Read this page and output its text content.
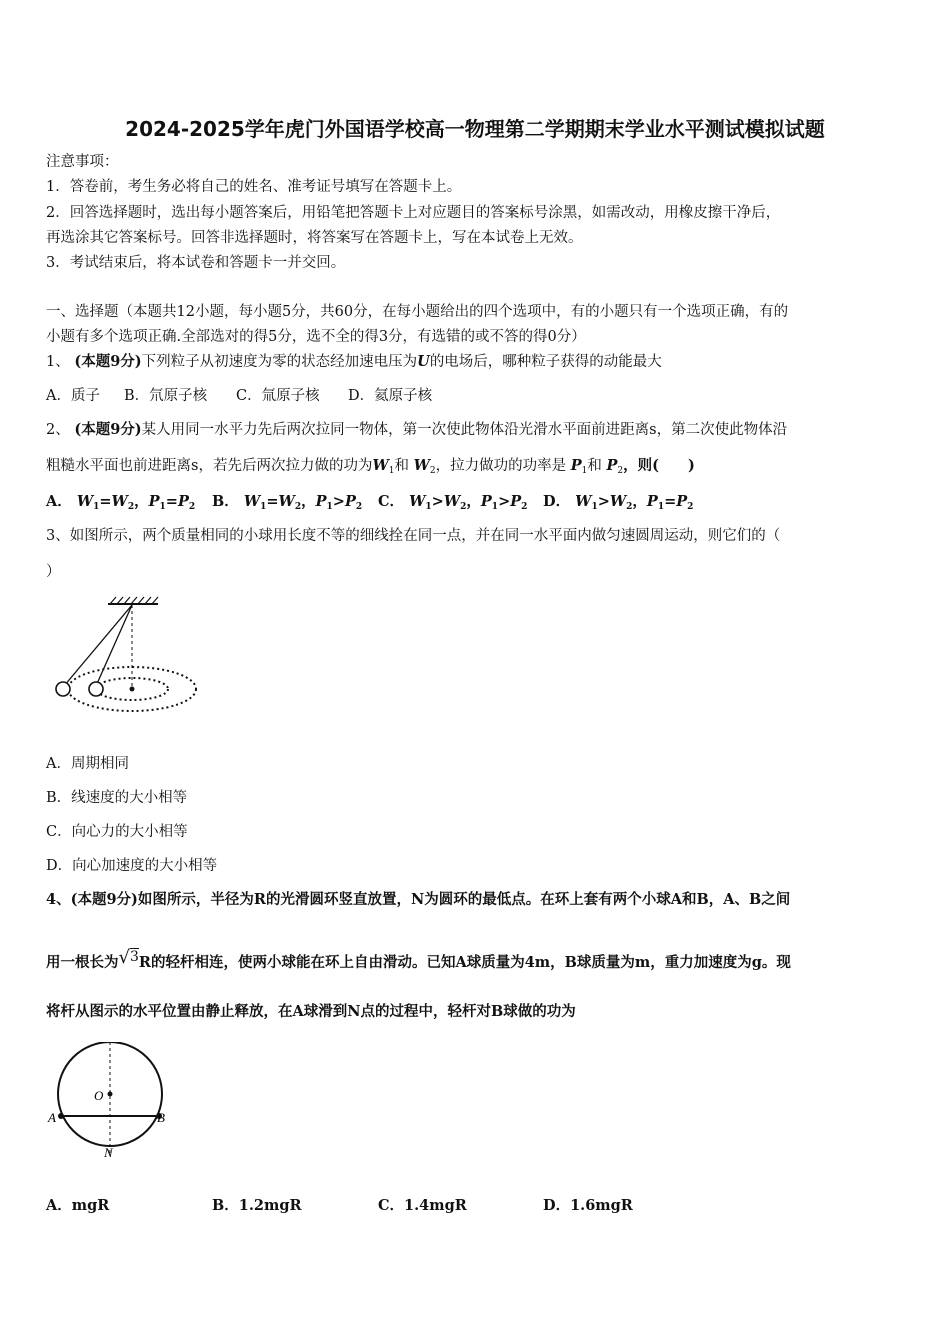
2024-2025学年虎门外国语学校高一物理第二学期期末学业水平测试模拟试题
注意事项：
1．答卷前，考生务必将自己的姓名、准考证号填写在答题卡上。
2．回答选择题时，选出每小题答案后，用铅笔把答题卡上对应题目的答案标号涂黑，如需改动，用橡皮擦干净后，
再选涂其它答案标号。回答非选择题时，将答案写在答题卡上，写在本试卷上无效。
3．考试结束后，将本试卷和答题卡一并交回。
一、选择题（本题共12小题，每小题5分，共60分，在每小题给出的四个选项中，有的小题只有一个选项正确，有的
小题有多个选项正确.全部选对的得5分，选不全的得3分，有选错的或不答的得0分）
1、 (本题9分)下列粒子从初速度为零的状态经加速电压为U的电场后，哪种粒子获得的动能最大
A．质子 B．氘原子核 C．氚原子核 D．氦原子核
2、 (本题9分)某人用同一水平力先后两次拉同一物体，第一次使此物体沿光滑水平面前进距离s，第二次使此物体沿
粗糙水平面也前进距离s，若先后两次拉力做的功为$W_1$和 $W_2$，拉力做功的功率是 $P_1$和 $P_2$，则(　　)
A． $W_1=W_2$，$P_1=P_2$ B． $W_1=W_2$，$P_1>P_2$ C． $W_1>W_2$，$P_1>P_2$ D． $W_1>W_2$，$P_1=P_2$
3、如图所示，两个质量相同的小球用长度不等的细线拴在同一点，并在同一水平面内做匀速圆周运动，则它们的（
）
A．周期相同
B．线速度的大小相等
C．向心力的大小相等
D．向心加速度的大小相等
4、(本题9分)如图所示，半径为R的光滑圆环竖直放置，N为圆环的最低点。在环上套有两个小球A和B，A、B之间
用一根长为√3R的轻杆相连，使两小球能在环上自由滑动。已知A球质量为4m，B球质量为m，重力加速度为g。现
将杆从图示的水平位置由静止释放，在A球滑到N点的过程中，轻杆对B球做的功为
O
A	B
N
A．mgR	B．1.2mgR	C．1.4mgR	D．1.6mgR
